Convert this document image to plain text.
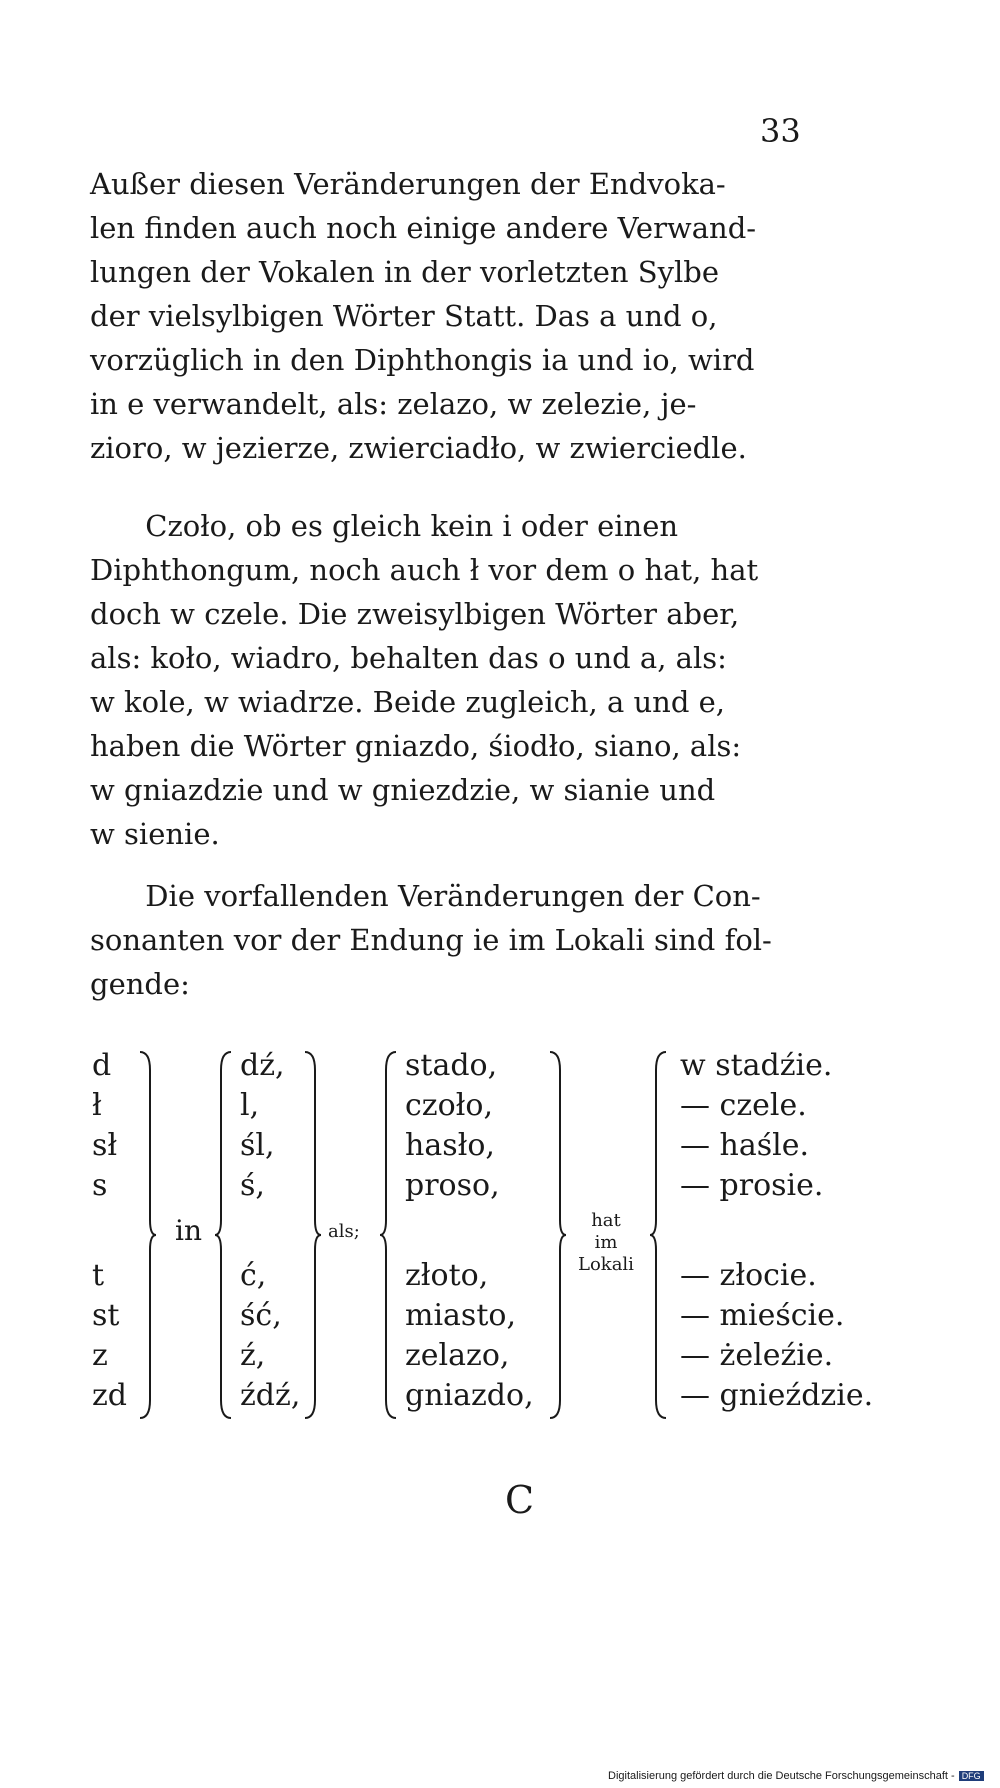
33
Außer diesen Veränderungen der Endvoka-
len finden auch noch einige andere Verwand-
lungen der Vokalen in der vorletzten Sylbe
der vielsylbigen Wörter Statt. Das a und o,
vorzüglich in den Diphthongis ia und io, wird
in e verwandelt, als: zelazo, w zelezie, je-
zioro, w jezierze, zwierciadło, w zwierciedle.
Czoło, ob es gleich kein i oder einen
Diphthongum, noch auch ł vor dem o hat, hat
doch w czele. Die zweisylbigen Wörter aber,
als: koło, wiadro, behalten das o und a, als:
w kole, w wiadrze. Beide zugleich, a und e,
haben die Wörter gniazdo, śiodło, siano, als:
w gniazdzie und w gniezdzie, w sianie und
w sienie.
Die vorfallenden Veränderungen der Con-
sonanten vor der Endung ie im Lokali sind fol-
gende:
d
ł
sł
s
t
st
z
zd
in
dź,
l,
śl,
ś,
ć,
ść,
ź,
źdź,
als;
stado,
czoło,
hasło,
proso,
złoto,
miasto,
zelazo,
gniazdo,
hat
im
Lokali
w stadźie.
— czele.
— haśle.
— prosie.
— złocie.
— mieście.
— żeleźie.
— gnieździe.
C
Digitalisierung gefördert durch die Deutsche Forschungsgemeinschaft - DFG
